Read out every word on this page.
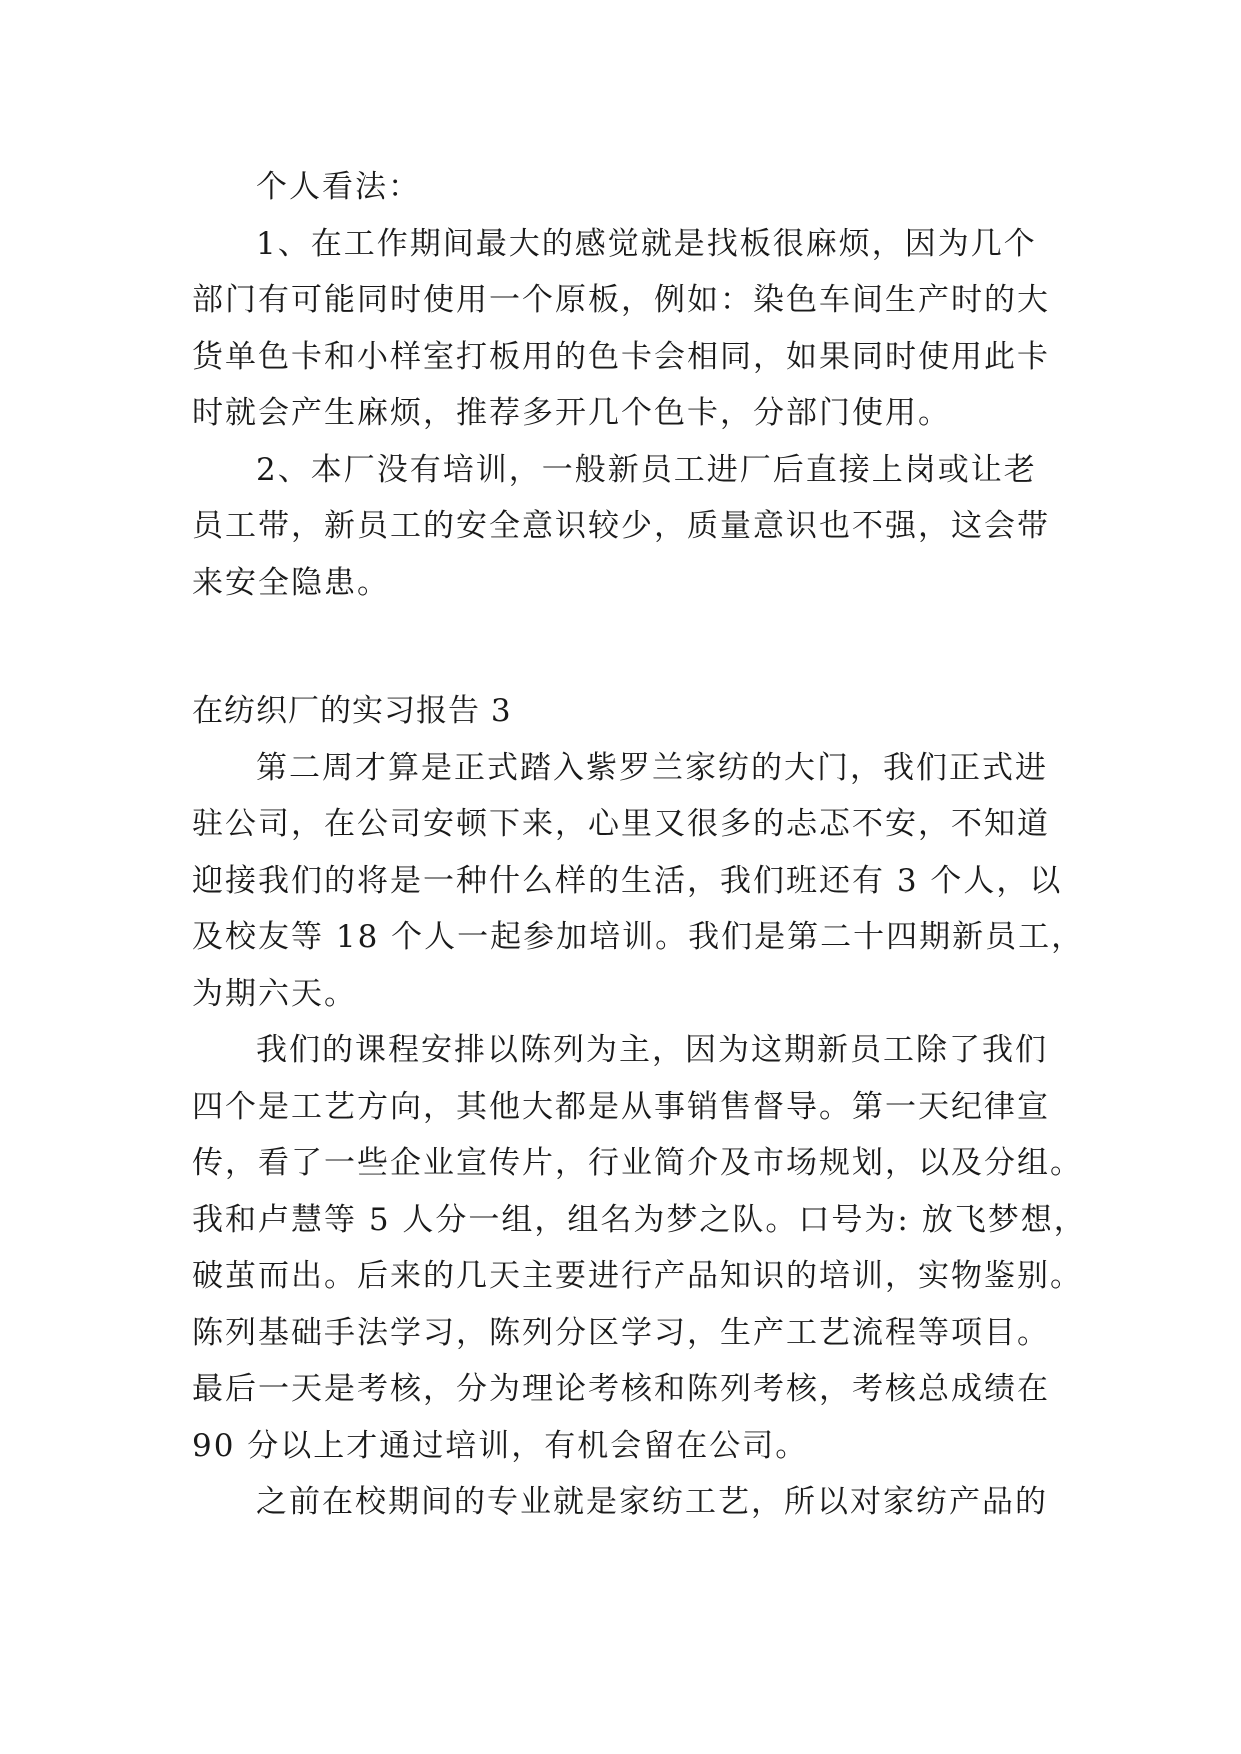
个人看法：
1、在工作期间最大的感觉就是找板很麻烦，因为几个
部门有可能同时使用一个原板，例如：染色车间生产时的大
货单色卡和小样室打板用的色卡会相同，如果同时使用此卡
时就会产生麻烦，推荐多开几个色卡，分部门使用。
2、本厂没有培训，一般新员工进厂后直接上岗或让老
员工带，新员工的安全意识较少，质量意识也不强，这会带
来安全隐患。
在纺织厂的实习报告 3
第二周才算是正式踏入紫罗兰家纺的大门，我们正式进
驻公司，在公司安顿下来，心里又很多的忐忑不安，不知道
迎接我们的将是一种什么样的生活，我们班还有 3 个人，以
及校友等 18 个人一起参加培训。我们是第二十四期新员工，
为期六天。
我们的课程安排以陈列为主，因为这期新员工除了我们
四个是工艺方向，其他大都是从事销售督导。第一天纪律宣
传，看了一些企业宣传片，行业简介及市场规划，以及分组。
我和卢慧等 5 人分一组，组名为梦之队。口号为: 放飞梦想，
破茧而出。后来的几天主要进行产品知识的培训，实物鉴别。
陈列基础手法学习，陈列分区学习，生产工艺流程等项目。
最后一天是考核，分为理论考核和陈列考核，考核总成绩在
90 分以上才通过培训，有机会留在公司。
之前在校期间的专业就是家纺工艺，所以对家纺产品的
